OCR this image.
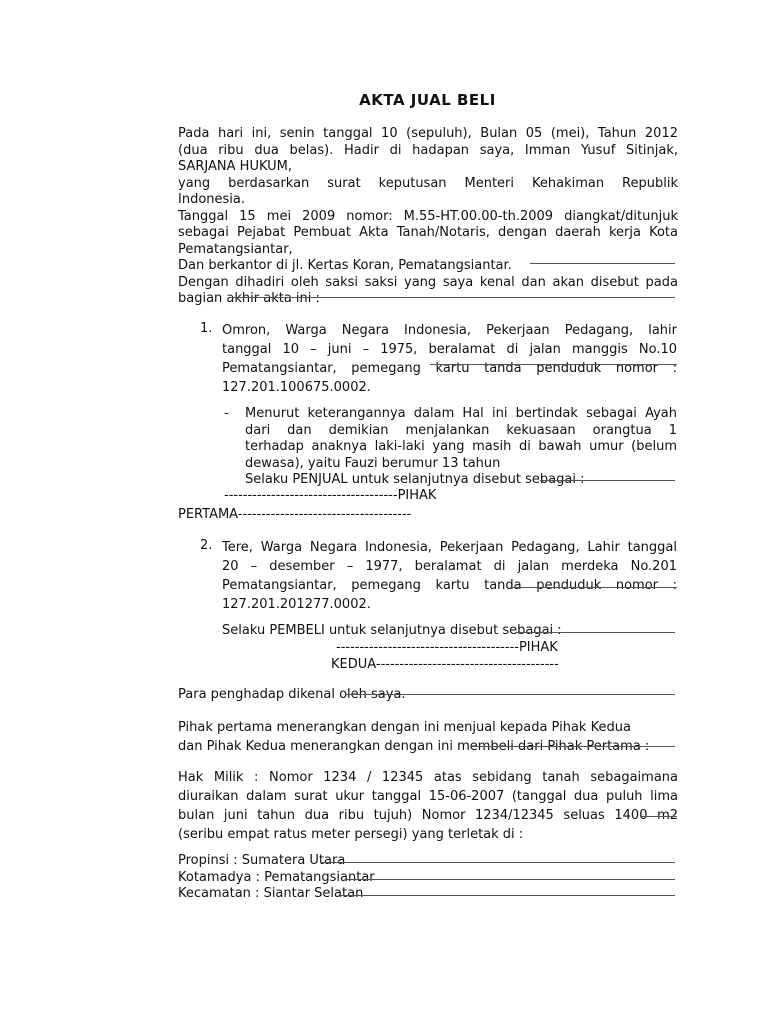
AKTA JUAL BELI

Pada hari ini, senin tanggal 10 (sepuluh), Bulan 05 (mei), Tahun 2012

(dua ribu dua belas). Hadir di hadapan saya, Imman Yusuf Sitinjak,

SARJANA HUKUM,

yang berdasarkan surat keputusan Menteri Kehakiman Republik

Indonesia.

Tanggal 15 mei 2009 nomor: M.55-HT.00.00-th.2009 diangkat/ditunjuk

sebagai Pejabat Pembuat Akta Tanah/Notaris, dengan daerah kerja Kota

Pematangsiantar,

Dan berkantor di jl. Kertas Koran, Pematangsiantar.

Dengan dihadiri oleh saksi saksi yang saya kenal dan akan disebut pada

bagian akhir akta ini :

1. Omron, Warga Negara Indonesia, Pekerjaan Pedagang, lahir

tanggal 10 – juni – 1975, beralamat di jalan manggis No.10

Pematangsiantar, pemegang kartu tanda penduduk nomor :

127.201.100675.0002.

- Menurut keterangannya dalam Hal ini bertindak sebagai Ayah

dari dan demikian menjalankan kekuasaan orangtua 1

terhadap anaknya laki-laki yang masih di bawah umur (belum

dewasa), yaitu Fauzi berumur 13 tahun

Selaku PENJUAL untuk selanjutnya disebut sebagai :

-------------------------------------PIHAK
PERTAMA-------------------------------------
2. Tere, Warga Negara Indonesia, Pekerjaan Pedagang, Lahir tanggal

20 – desember – 1977, beralamat di jalan merdeka No.201

Pematangsiantar, pemegang kartu tanda penduduk nomor :

127.201.201277.0002.

Selaku PEMBELI untuk selanjutnya disebut sebagai :
---------------------------------------PIHAK
KEDUA---------------------------------------
Para penghadap dikenal oleh saya.

Pihak pertama menerangkan dengan ini menjual kepada Pihak Kedua

dan Pihak Kedua menerangkan dengan ini membeli dari Pihak Pertama :

Hak Milik : Nomor 1234 / 12345 atas sebidang tanah sebagaimana

diuraikan dalam surat ukur tanggal 15-06-2007 (tanggal dua puluh lima

bulan juni tahun dua ribu tujuh) Nomor 1234/12345 seluas 1400 m2

(seribu empat ratus meter persegi) yang terletak di :

Propinsi : Sumatera Utara
Kotamadya : Pematangsiantar
Kecamatan : Siantar Selatan
